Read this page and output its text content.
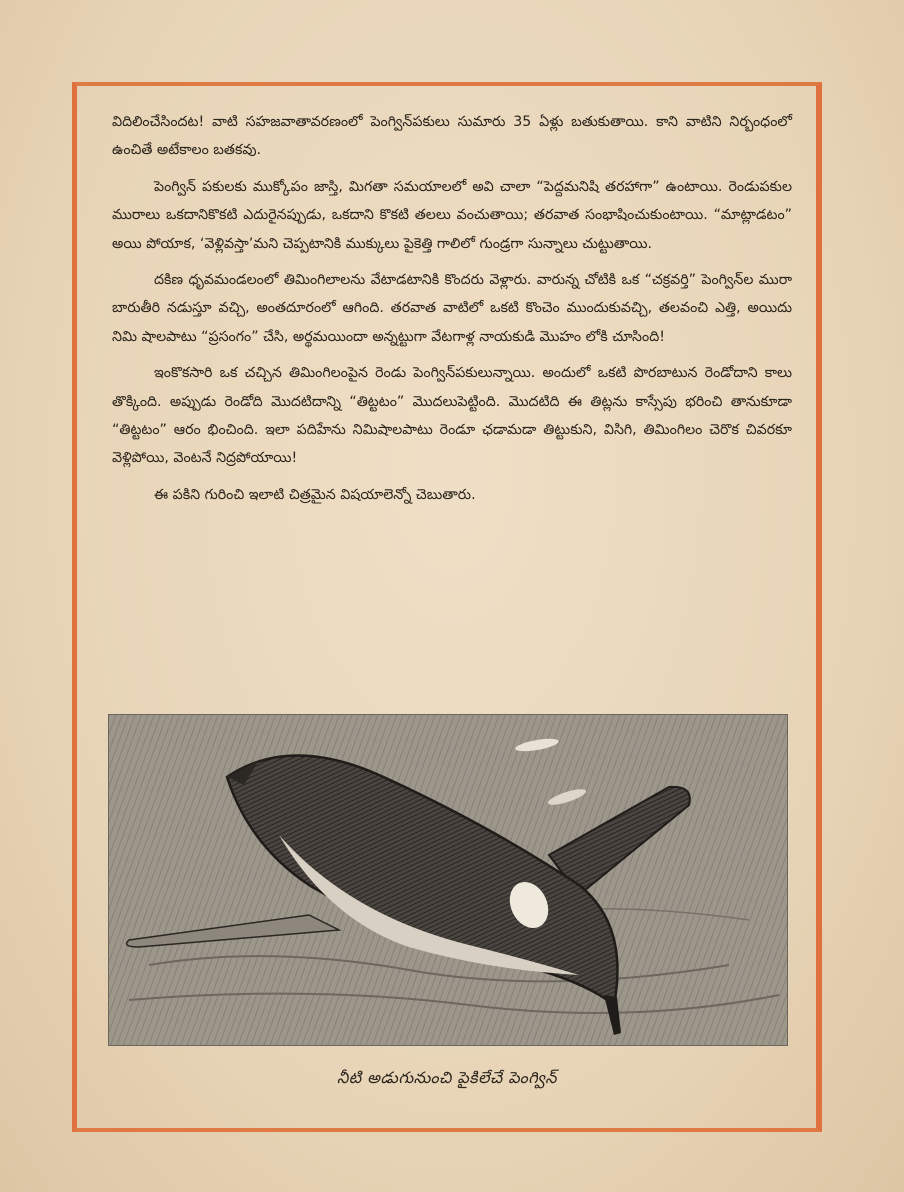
విదిలించేసిందట! వాటి సహజవాతావరణంలో పెంగ్విన్‌పకులు సుమారు 35 ఏళ్లు బతుకుతాయి. కాని వాటిని నిర్బంధంలో ఉంచితే అటేకాలం బతకవు.

పెంగ్విన్ పకులకు ముక్కోపం జాస్తి, మిగతా సమయాలలో అవి చాలా “పెద్దమనిషి తరహాగా” ఉంటాయి. రెండుపకుల మురాలు ఒకదానికొకటి ఎదురైనప్పుడు, ఒకదాని కొకటి తలలు వంచుతాయి; తరవాత సంభాషించుకుంటాయి. “మాట్లాడటం” అయి పోయాక, ‘వెళ్లివస్తా’మని చెప్పటానికి ముక్కులు పైకెత్తి గాలిలో గుండ్రగా సున్నాలు చుట్టుతాయి.

దకిణ ధృవమండలంలో తిమింగిలాలను వేటాడటానికి కొందరు వెళ్లారు. వారున్న చోటికి ఒక “చక్రవర్తి” పెంగ్విన్‌ల మురా బారుతీరి నడుస్తూ వచ్చి, అంతదూరంలో ఆగింది. తరవాత వాటిలో ఒకటి కొంచెం ముందుకువచ్చి, తలవంచి ఎత్తి, అయిదు నిమి షాలపాటు “ప్రసంగం” చేసి, అర్థమయిందా అన్నట్టుగా వేటగాళ్ల నాయకుడి మొహం లోకి చూసింది!

ఇంకొకసారి ఒక చచ్చిన తిమింగిలంపైన రెండు పెంగ్విన్‌పకులున్నాయి. అందులో ఒకటి పొరబాటున రెండోదాని కాలు తొక్కింది. అప్పుడు రెండోది మొదటిదాన్ని “తిట్టటం” మొదలుపెట్టింది. మొదటిది ఈ తిట్లను కాస్సేపు భరించి తానుకూడా “తిట్టటం” ఆరం భించింది. ఇలా పదిహేను నిమిషాలపాటు రెండూ ఛడామడా తిట్టుకుని, విసిగి, తిమింగిలం చెరొక చివరకూ వెళ్లిపోయి, వెంటనే నిద్రపోయాయి!

ఈ పకిని గురించి ఇలాటి చిత్రమైన విషయాలెన్నో చెబుతారు.

నీటి అడుగునుంచి పైకిలేచే పెంగ్విన్
